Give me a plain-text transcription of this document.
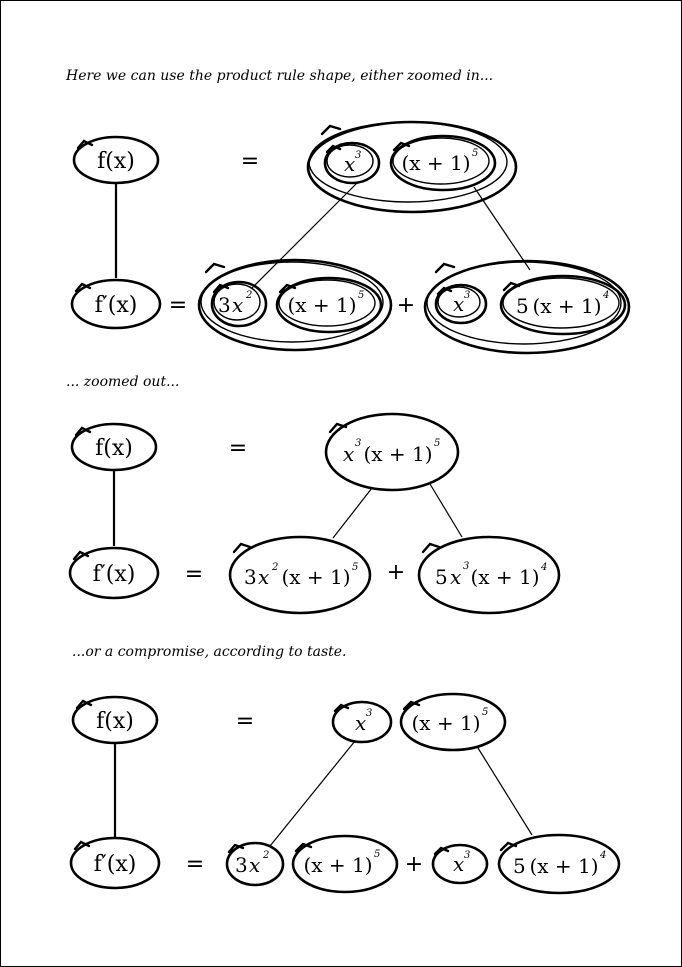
Here we can use the product rule shape, either zoomed in...
f(x)	=	x 3 (x + 1) 5
f′(x) = 3 x 2 (x + 1) 5 + x 3 5 (x + 1) 4
... zoomed out...
f(x)	=	x 3 (x + 1) 5
f′(x) = 3 x 2 (x + 1) 5 + 5 x 3 (x + 1) 4
...or a compromise, according to taste.
f(x)	=	x 3 (x + 1) 5
f′(x) = 3 x 2 (x + 1) 5 + x 3 5 (x + 1) 4
